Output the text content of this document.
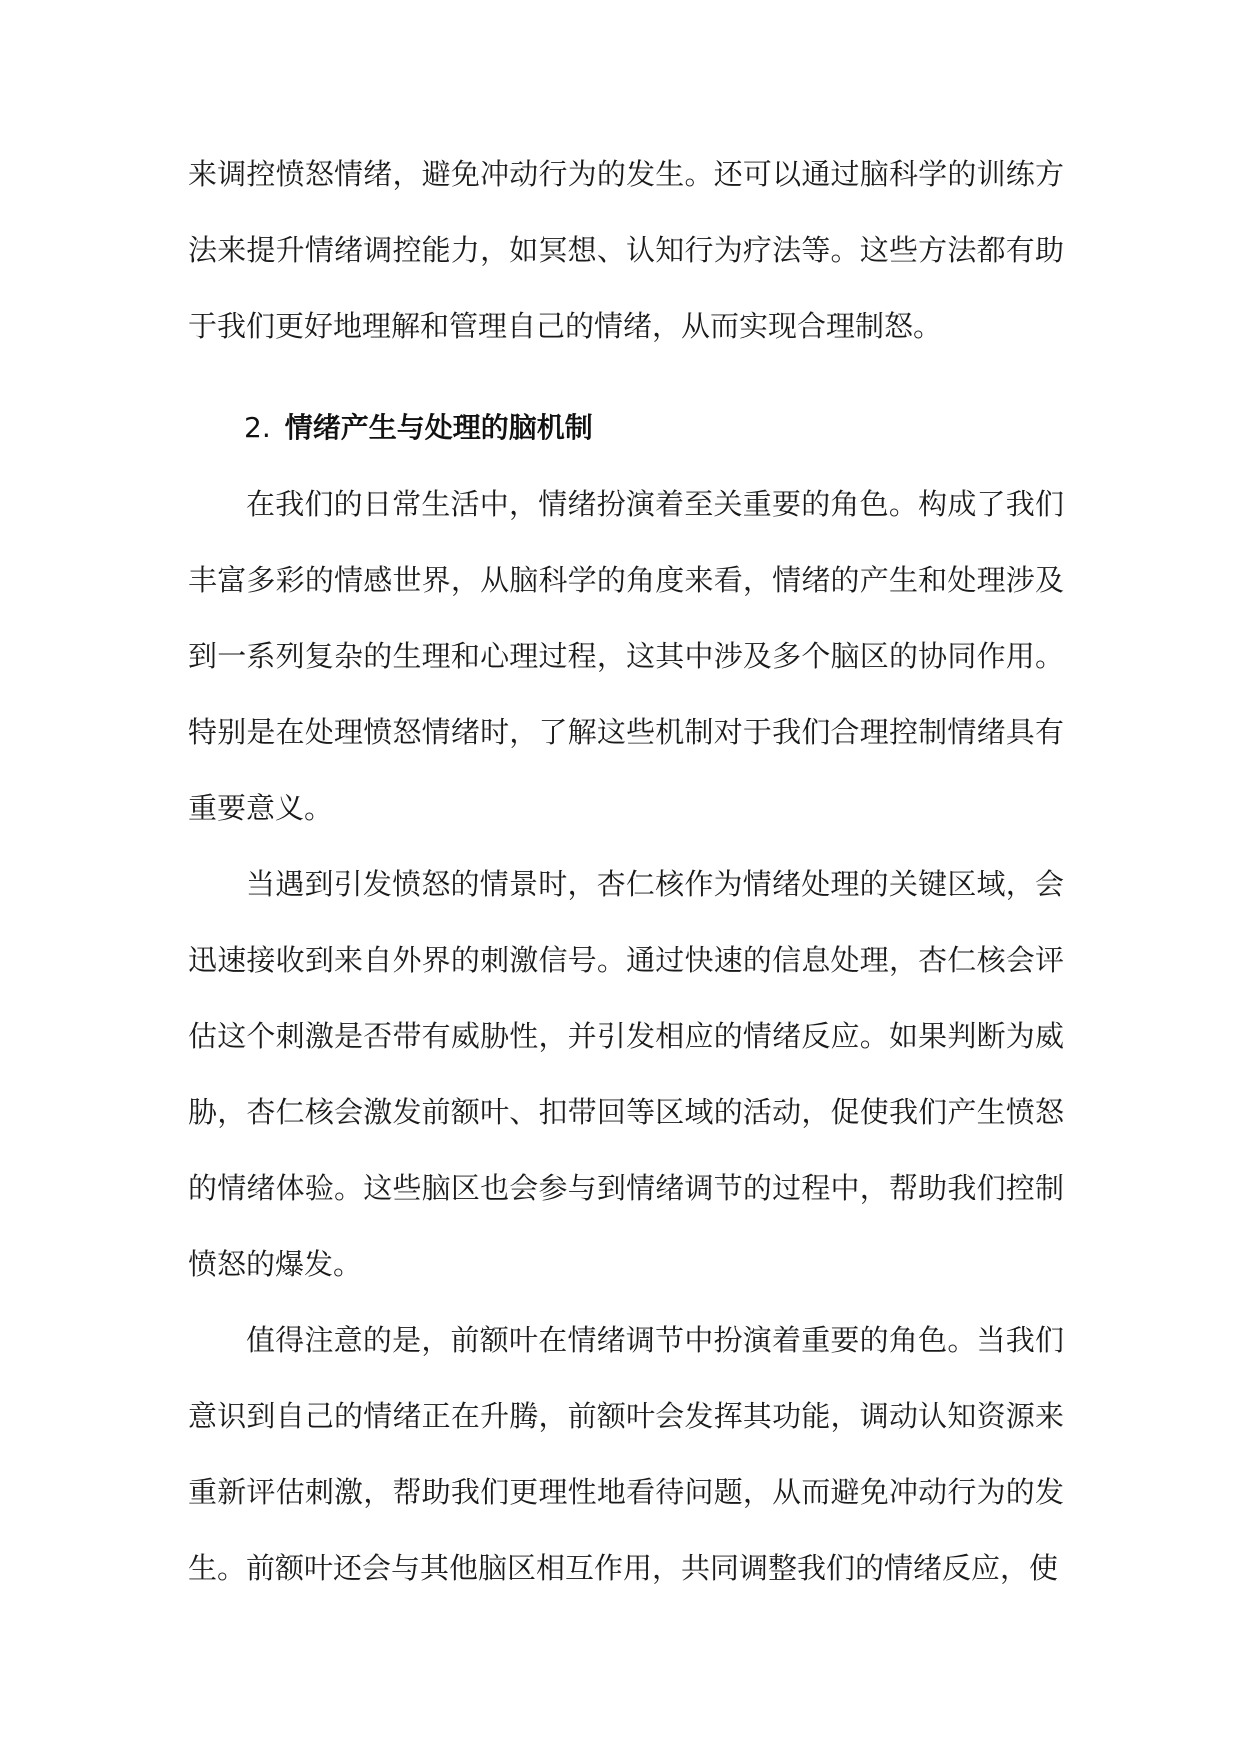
来调控愤怒情绪，避免冲动行为的发生。还可以通过脑科学的训练方法来提升情绪调控能力，如冥想、认知行为疗法等。这些方法都有助于我们更好地理解和管理自己的情绪，从而实现合理制怒。

2. 情绪产生与处理的脑机制

在我们的日常生活中，情绪扮演着至关重要的角色。构成了我们丰富多彩的情感世界，从脑科学的角度来看，情绪的产生和处理涉及到一系列复杂的生理和心理过程，这其中涉及多个脑区的协同作用。特别是在处理愤怒情绪时，了解这些机制对于我们合理控制情绪具有重要意义。

当遇到引发愤怒的情景时，杏仁核作为情绪处理的关键区域，会迅速接收到来自外界的刺激信号。通过快速的信息处理，杏仁核会评估这个刺激是否带有威胁性，并引发相应的情绪反应。如果判断为威胁，杏仁核会激发前额叶、扣带回等区域的活动，促使我们产生愤怒的情绪体验。这些脑区也会参与到情绪调节的过程中，帮助我们控制愤怒的爆发。

值得注意的是，前额叶在情绪调节中扮演着重要的角色。当我们意识到自己的情绪正在升腾，前额叶会发挥其功能，调动认知资源来重新评估刺激，帮助我们更理性地看待问题，从而避免冲动行为的发生。前额叶还会与其他脑区相互作用，共同调整我们的情绪反应，使
